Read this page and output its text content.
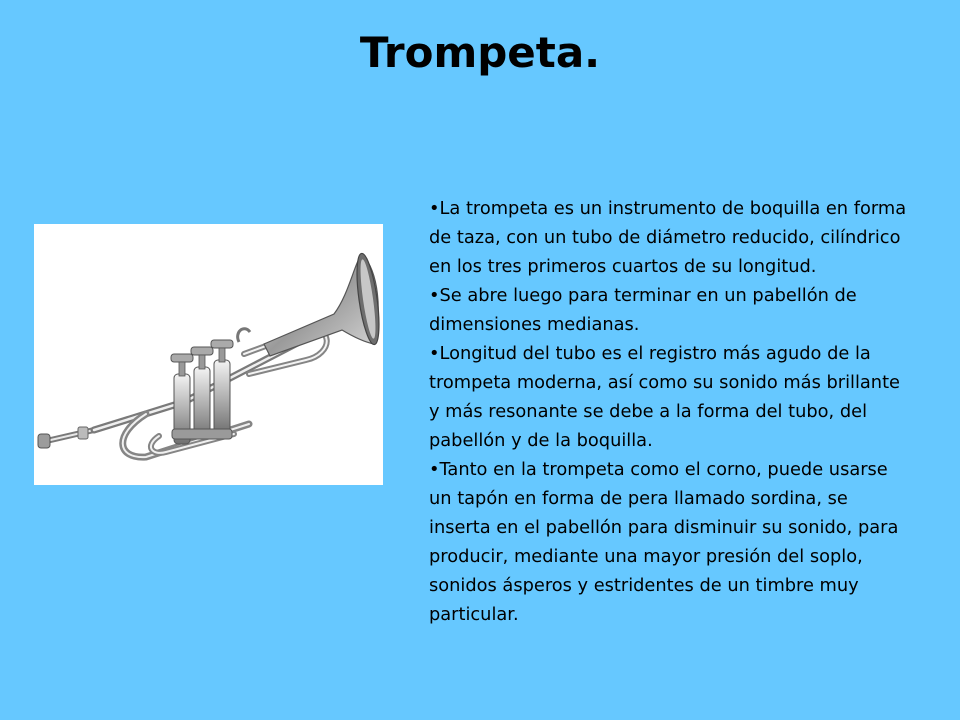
Trompeta.
•La trompeta es un instrumento de boquilla en forma de taza, con un tubo de diámetro reducido, cilíndrico en los tres primeros cuartos de su longitud.
•Se abre luego para terminar en un pabellón de dimensiones medianas.
•Longitud del tubo es el registro más agudo de la trompeta moderna, así como su sonido más brillante y más resonante se debe a la forma del tubo, del pabellón y de la boquilla.
•Tanto en la trompeta como el corno, puede usarse un tapón en forma de pera llamado sordina, se inserta en el pabellón para disminuir su sonido, para producir, mediante una mayor presión del soplo, sonidos ásperos y estridentes de un timbre muy particular.
